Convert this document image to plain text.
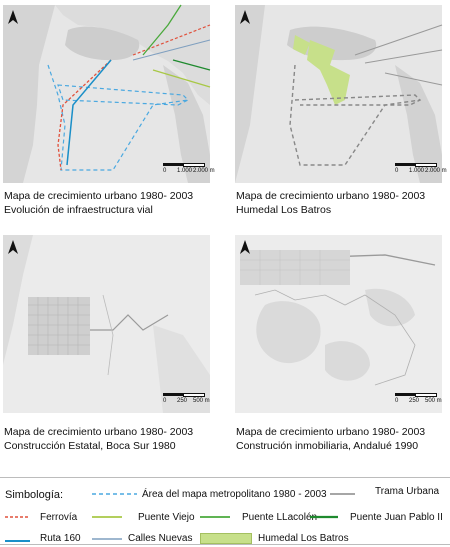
0 1.000 2.000 m
Mapa de crecimiento urbano 1980- 2003
Evolución de infraestructura vial
0 1.000 2.000 m
Mapa de crecimiento urbano 1980- 2003
Humedal Los Batros
0 250 500 m
Mapa de crecimiento urbano 1980- 2003
Construcción Estatal, Boca Sur 1980
0 250 500 m
Mapa de crecimiento urbano 1980- 2003
Construción inmobiliaria, Andalué 1990
Simbología:	Área del mapa metropolitano 1980 - 2003	Trama Urbana
Ferrovía	Puente Viejo	Puente LLacolén	Puente Juan Pablo II
Ruta 160	Calles Nuevas	Humedal Los Batros
